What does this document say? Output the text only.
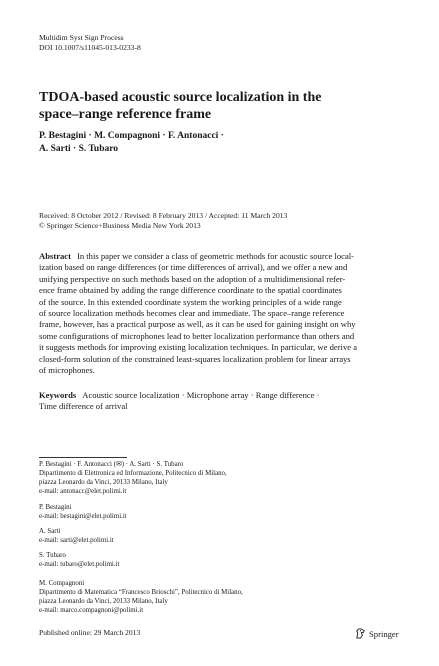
Multidim Syst Sign Process
DOI 10.1007/s11045-013-0233-8
TDOA-based acoustic source localization in the
space–range reference frame
P. Bestagini · M. Compagnoni · F. Antonacci ·
A. Sarti · S. Tubaro
Received: 8 October 2012 / Revised: 8 February 2013 / Accepted: 11 March 2013
© Springer Science+Business Media New York 2013
Abstract In this paper we consider a class of geometric methods for acoustic source local-
ization based on range differences (or time differences of arrival), and we offer a new and
unifying perspective on such methods based on the adoption of a multidimensional refer-
ence frame obtained by adding the range difference coordinate to the spatial coordinates
of the source. In this extended coordinate system the working principles of a wide range
of source localization methods becomes clear and immediate. The space–range reference
frame, however, has a practical purpose as well, as it can be used for gaining insight on why
some configurations of microphones lead to better localization performance than others and
it suggests methods for improving existing localization techniques. In particular, we derive a
closed-form solution of the constrained least-squares localization problem for linear arrays
of microphones.
Keywords Acoustic source localization · Microphone array · Range difference ·
Time difference of arrival
P. Bestagini · F. Antonacci (✉) · A. Sarti · S. Tubaro
Dipartimento di Elettronica ed Informazione, Politecnico di Milano,
piazza Leonardo da Vinci, 20133 Milano, Italy
e-mail: antonacc@elet.polimi.it
P. Bestagini
e-mail: bestagini@elet.polimi.it
A. Sarti
e-mail: sarti@elet.polimi.it
S. Tubaro
e-mail: tubaro@elet.polimi.it
M. Compagnoni
Dipartimento di Matematica “Francesco Brioschi”, Politecnico di Milano,
piazza Leonardo da Vinci, 20133 Milano, Italy
e-mail: marco.compagnoni@polimi.it
Published online: 29 March 2013	Springer
